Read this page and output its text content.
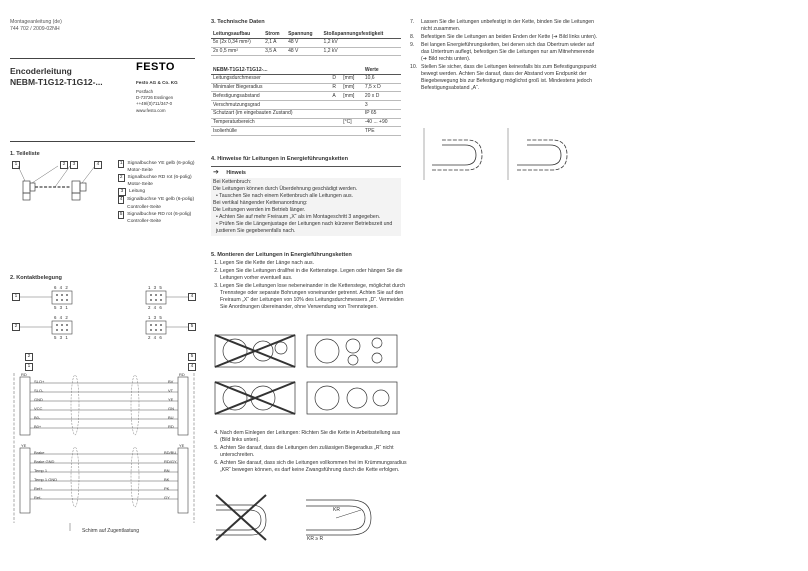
Montageanleitung (de)
744 702 / 2009-02NH
Encoderleitung
NEBM-T1G12-T1G12-...
FESTO
Festo AG & Co. KG
Postfach
D-73726 Esslingen
++49/(0)711/347-0
www.festo.com
1. Teileliste
1	2	3	4	1 Signalbuchse YE gelb (6-polig) Motor-Seite
2	Signalbuchse RD rot (6-polig) Motor-Seite
3	Leitung
4 Signalbuchse YE gelb (6-polig) Controller-Seite
5 Signalbuchse RD rot (6-polig) Controller-Seite
2. Kontaktbelegung
1
2
4
5
6 4 2
5 3 1
6 4 2
5 3 1
1 3 5
2 4 6
1 3 5
2 4 6
2
1	4
5
RD
YE
RD
YE
SLO+
SLO-
GND
VCC
B0-
B0+
BV
VT
YE
GN
BU
RD
Brake
Brake GND
Temp 1
Temp 1 GND
Ref+
Ref-
BD/BU
RD/GY
BN
BK
PK
GY
Schirm auf Zugentlastung
3. Technische Daten
Leitungsaufbau	Strom	Spannung	Stoßspannungsfestigkeit
5x (2x 0,34 mm²)	2,1 A	48 V	1,2 kV
2x 0,5 mm²	3,5 A	48 V	1,2 kV
NEBM-T1G12-T1G12-...			Werte
Leitungsdurchmesser	D	[mm]	10,6
Minimaler Biegeradius	R	[mm]	7,5 x D
Befestigungsabstand	A	[mm]	20 x D
Verschmutzungsgrad			3
Schutzart (im eingebauten Zustand)			IP 65
Temperaturbereich		[°C]	-40 ... +90
Isolierhülle			TPE
4. Hinweise für Leitungen in Energieführungsketten
➔ Hinweis
Bei Kettenbruch:
Die Leitungen können durch Überdehnung geschädigt werden.
• Tauschen Sie nach einem Kettenbruch alle Leitungen aus.
Bei vertikal hängender Kettenanordnung:
Die Leitungen werden im Betrieb länger.
• Achten Sie auf mehr Freiraum „X“ als im Montageschritt 3 angegeben.
• Prüfen Sie die Längenjustage der Leitungen nach kürzerer Betriebszeit und justieren Sie gegebenenfalls nach.
5. Montieren der Leitungen in Energieführungsketten
1. Legen Sie die Kette der Länge nach aus.
2. Legen Sie die Leitungen drallfrei in die Kettenstege. Legen oder hängen Sie die Leitungen vorher eventuell aus.
3. Legen Sie die Leitungen lose nebeneinander in die Kettenstege, möglichst durch Trennstege oder separate Bohrungen voneinander getrennt. Achten Sie auf den Freiraum „X“ der Leitungen von 10% des Leitungsdurchmessers „D“. Vermeiden Sie Anordnungen übereinander, ohne Verwendung von Trennstegen.
4. Nach dem Einlegen der Leitungen: Richten Sie die Kette in Arbeitsstellung aus (Bild links unten).
5. Achten Sie darauf, dass die Leitungen den zulässigen Biegeradius „R“ nicht unterschreiten.
6. Achten Sie darauf, dass sich die Leitungen vollkommen frei im Krümmungsradius „KR“ bewegen können, es darf keine Zwangsführung durch die Kette erfolgen.
KR
KR ≥ R
7.	Lassen Sie die Leitungen unbefestigt in der Kette, binden Sie die Leitungen nicht zusammen.
8.	Befestigen Sie die Leitungen an beiden Enden der Kette (➔ Bild links unten).
9.	Bei langen Energieführungsketten, bei denen sich das Obertrum wieder auf das Untertrum auflegt, befestigen Sie die Leitungen nur am Mitnehmerende (➔ Bild rechts unten).
10. Stellen Sie sicher, dass die Leitungen keinesfalls bis zum Befestigungspunkt bewegt werden. Achten Sie darauf, dass der Abstand vom Endpunkt der Biegebewegung bis zur Befestigung möglichst groß ist. Mindestens jedoch Befestigungsabstand „A“.
